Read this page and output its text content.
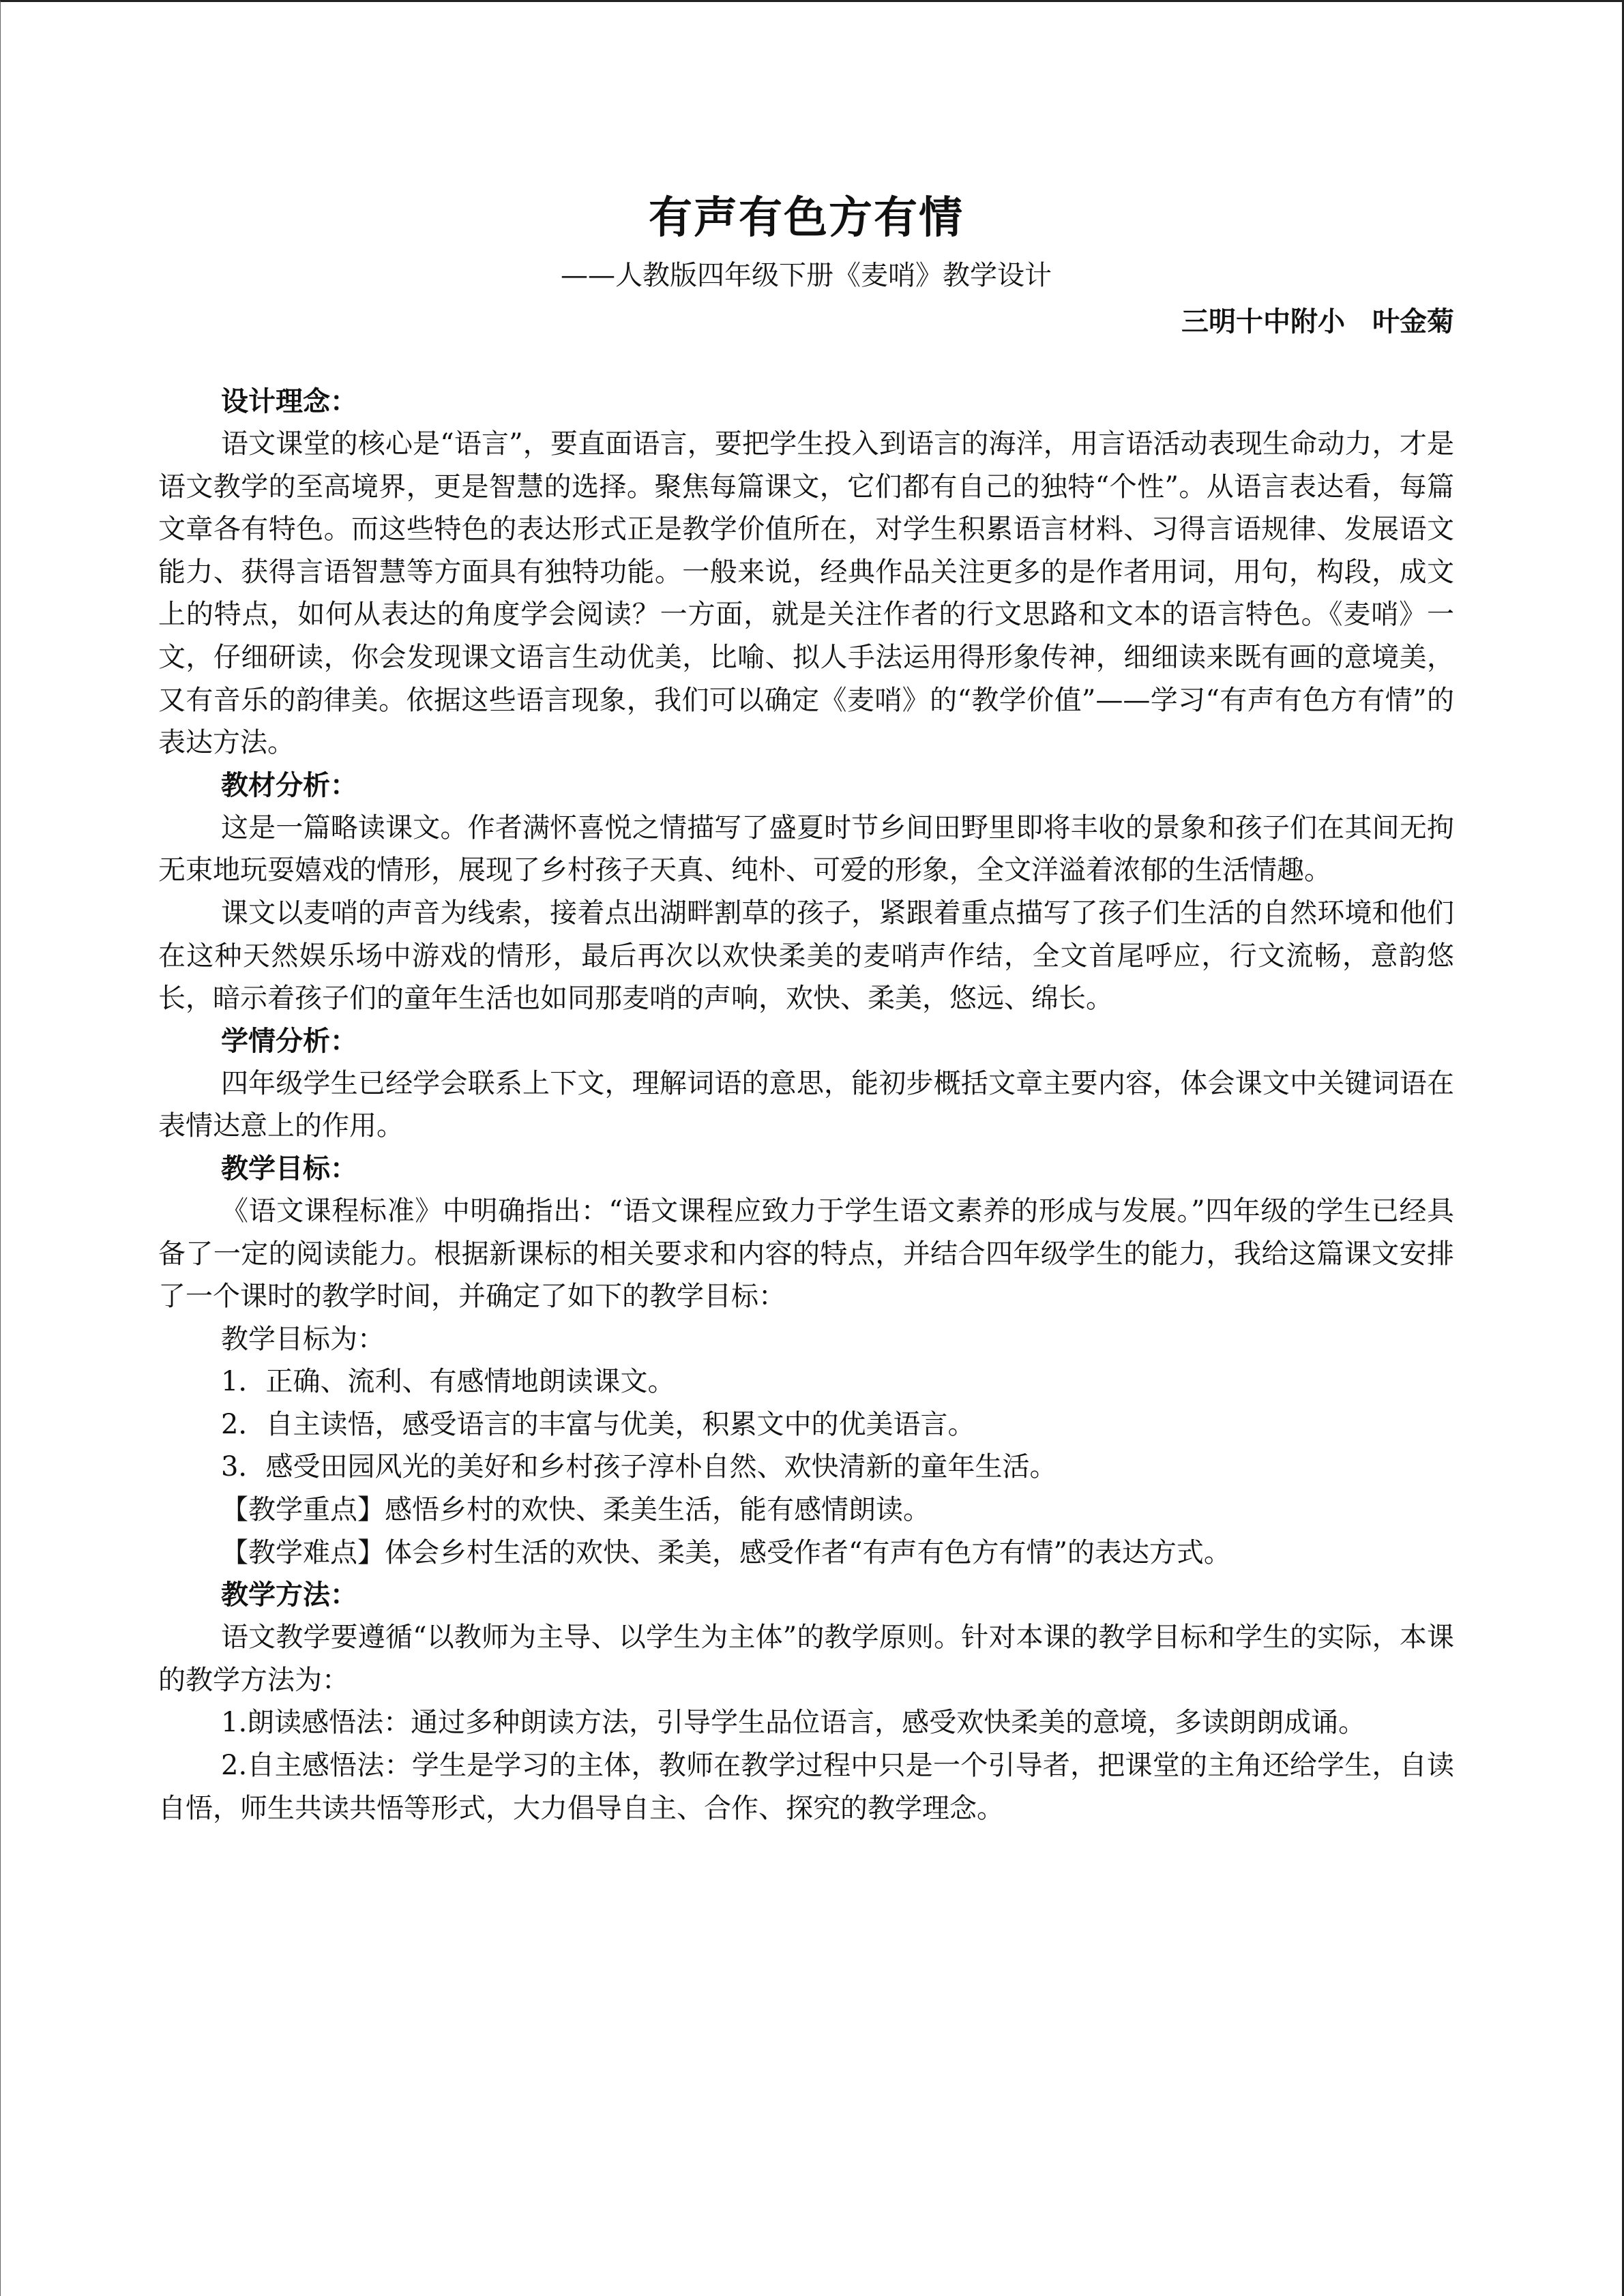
有声有色方有情

——人教版四年级下册《麦哨》教学设计

三明十中附小　叶金菊

设计理念：

语文课堂的核心是“语言”，要直面语言，要把学生投入到语言的海洋，用言语活动表现生命动力，才是语文教学的至高境界，更是智慧的选择。聚焦每篇课文，它们都有自己的独特“个性”。从语言表达看，每篇文章各有特色。而这些特色的表达形式正是教学价值所在，对学生积累语言材料、习得言语规律、发展语文能力、获得言语智慧等方面具有独特功能。一般来说，经典作品关注更多的是作者用词，用句，构段，成文上的特点，如何从表达的角度学会阅读？一方面，就是关注作者的行文思路和文本的语言特色。《麦哨》一文，仔细研读，你会发现课文语言生动优美，比喻、拟人手法运用得形象传神，细细读来既有画的意境美，又有音乐的韵律美。依据这些语言现象，我们可以确定《麦哨》的“教学价值”——学习“有声有色方有情”的表达方法。

教材分析：

这是一篇略读课文。作者满怀喜悦之情描写了盛夏时节乡间田野里即将丰收的景象和孩子们在其间无拘无束地玩耍嬉戏的情形，展现了乡村孩子天真、纯朴、可爱的形象，全文洋溢着浓郁的生活情趣。

课文以麦哨的声音为线索，接着点出湖畔割草的孩子，紧跟着重点描写了孩子们生活的自然环境和他们在这种天然娱乐场中游戏的情形，最后再次以欢快柔美的麦哨声作结，全文首尾呼应，行文流畅，意韵悠长，暗示着孩子们的童年生活也如同那麦哨的声响，欢快、柔美，悠远、绵长。

学情分析：

四年级学生已经学会联系上下文，理解词语的意思，能初步概括文章主要内容，体会课文中关键词语在表情达意上的作用。

教学目标：

《语文课程标准》中明确指出：“语文课程应致力于学生语文素养的形成与发展。”四年级的学生已经具备了一定的阅读能力。根据新课标的相关要求和内容的特点，并结合四年级学生的能力，我给这篇课文安排了一个课时的教学时间，并确定了如下的教学目标：

教学目标为：

1．正确、流利、有感情地朗读课文。

2．自主读悟，感受语言的丰富与优美，积累文中的优美语言。

3．感受田园风光的美好和乡村孩子淳朴自然、欢快清新的童年生活。

【教学重点】感悟乡村的欢快、柔美生活，能有感情朗读。

【教学难点】体会乡村生活的欢快、柔美，感受作者“有声有色方有情”的表达方式。

教学方法：

语文教学要遵循“以教师为主导、以学生为主体”的教学原则。针对本课的教学目标和学生的实际，本课的教学方法为：

1.朗读感悟法：通过多种朗读方法，引导学生品位语言，感受欢快柔美的意境，多读朗朗成诵。

2.自主感悟法：学生是学习的主体，教师在教学过程中只是一个引导者，把课堂的主角还给学生，自读自悟，师生共读共悟等形式，大力倡导自主、合作、探究的教学理念。
